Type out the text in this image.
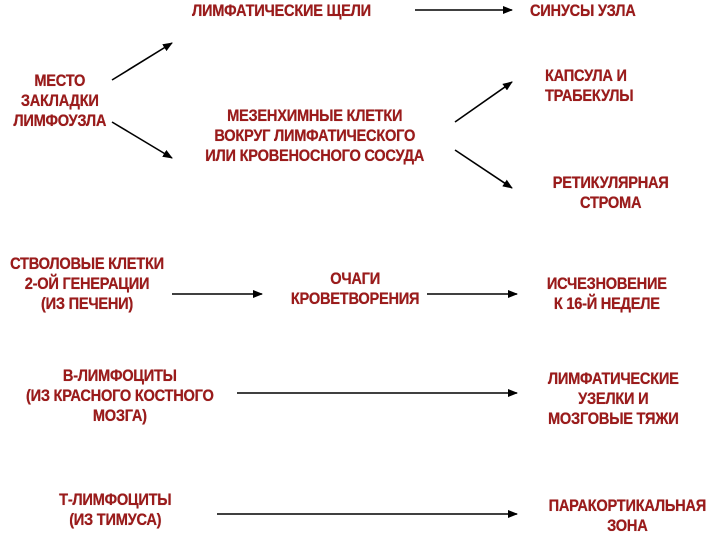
ЛИМФАТИЧЕСКИЕ ЩЕЛИ	СИНУСЫ УЗЛА
МЕСТО
ЗАКЛАДКИ
ЛИМФОУЗЛА
КАПСУЛА И
ТРАБЕКУЛЫ
МЕЗЕНХИМНЫЕ КЛЕТКИ
ВОКРУГ ЛИМФАТИЧЕСКОГО
ИЛИ КРОВЕНОСНОГО СОСУДА
РЕТИКУЛЯРНАЯ
СТРОМА
СТВОЛОВЫЕ КЛЕТКИ
2-ОЙ ГЕНЕРАЦИИ
(ИЗ ПЕЧЕНИ)
ОЧАГИ
КРОВЕТВОРЕНИЯ
ИСЧЕЗНОВЕНИЕ
К 16-Й НЕДЕЛЕ
В-ЛИМФОЦИТЫ
(ИЗ КРАСНОГО КОСТНОГО
МОЗГА)
ЛИМФАТИЧЕСКИЕ
УЗЕЛКИ И
МОЗГОВЫЕ ТЯЖИ
Т-ЛИМФОЦИТЫ
(ИЗ ТИМУСА)
ПАРАКОРТИКАЛЬНАЯ
ЗОНА
